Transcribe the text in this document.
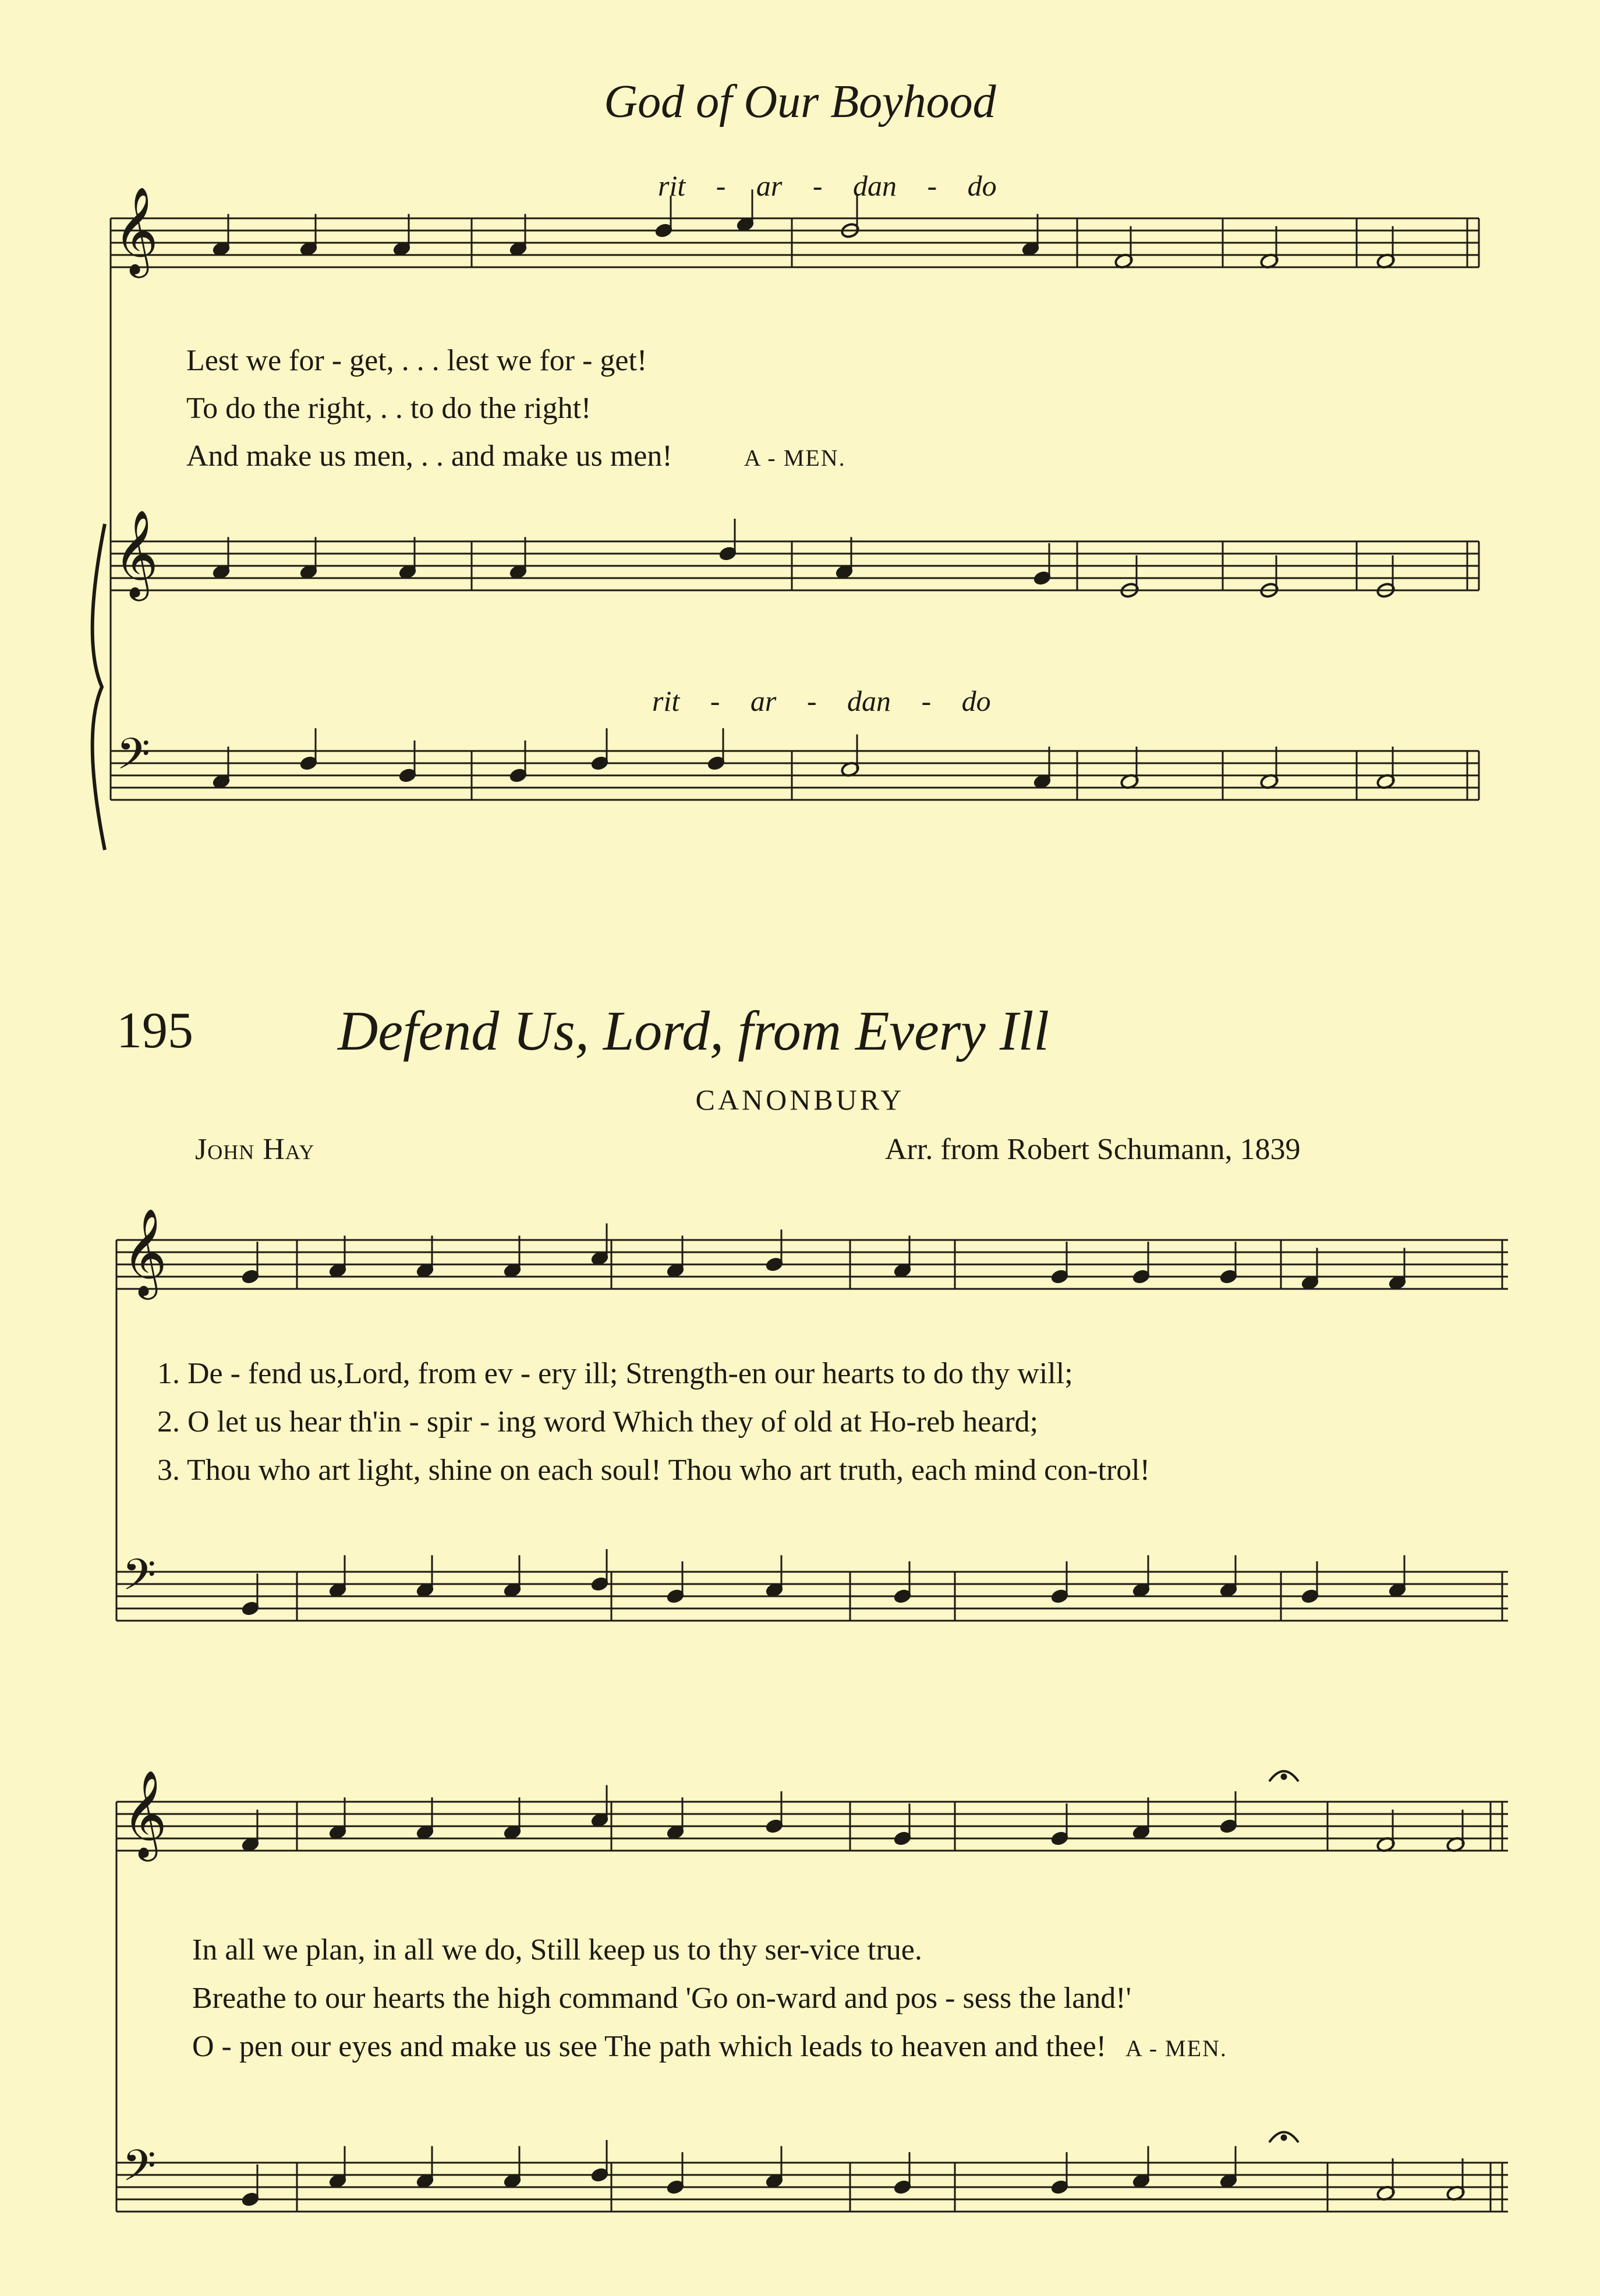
God of Our Boyhood
rit - ar - dan - do
Lest we for - get, . . . lest we for - get!
To do the right, . . to do the right!
And make us men, . . and make us men!	A - MEN.
rit - ar - dan - do
195	Defend Us, Lord, from Every Ill
CANONBURY
John Hay	Arr. from Robert Schumann, 1839
1. De - fend us,Lord, from ev - ery ill; Strength-en our hearts to do thy will;
2. O let us hear th'in - spir - ing word Which they of old at Ho-reb heard;
3. Thou who art light, shine on each soul! Thou who art truth, each mind con-trol!
In all we plan, in all we do, Still keep us to thy ser-vice true.
Breathe to our hearts the high command 'Go on-ward and pos - sess the land!'
O - pen our eyes and make us see The path which leads to heaven and thee! A - MEN.
𝄞
𝄞
𝄢
𝄞
𝄢
𝄞
𝄢
